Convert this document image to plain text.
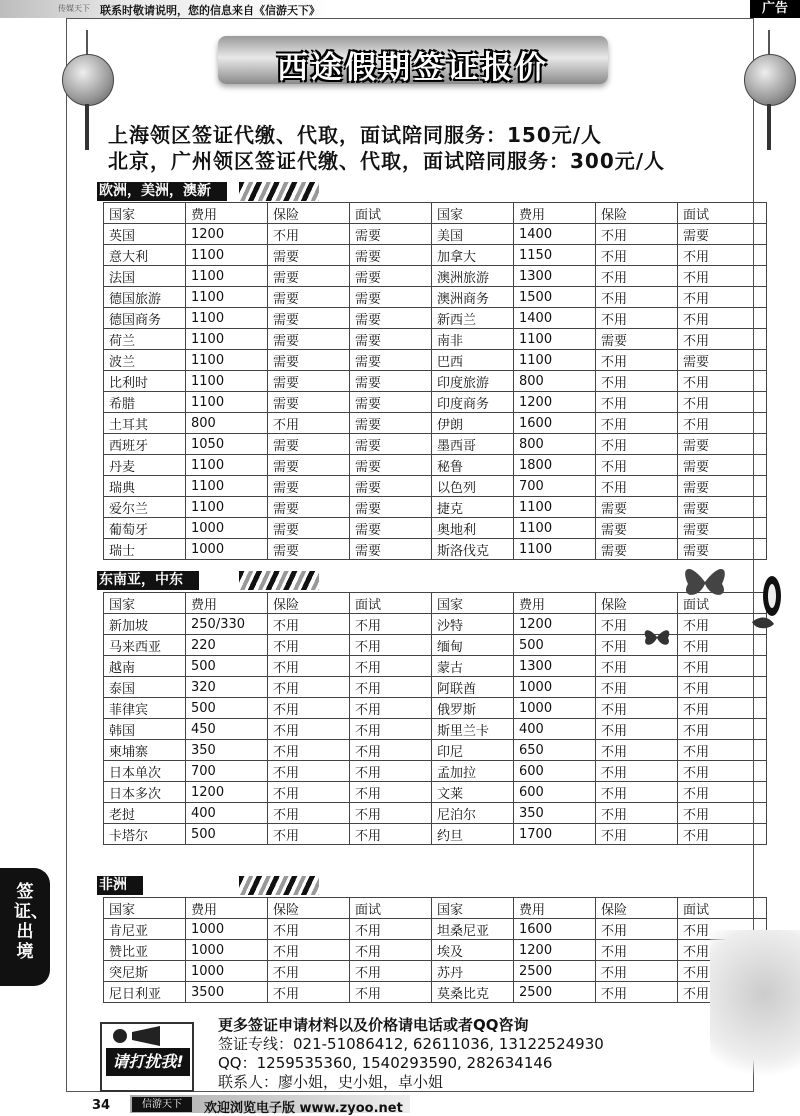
传媒天下 联系时敬请说明，您的信息来自《信游天下》	广告
西途假期签证报价
上海领区签证代缴、代取，面试陪同服务：150元/人
北京，广州领区签证代缴、代取，面试陪同服务：300元/人
欧洲，美洲，澳新
国家	费用	保险	面试	国家	费用	保险	面试
英国	1200	不用	需要	美国	1400	不用	需要
意大利	1100	需要	需要	加拿大	1150	不用	不用
法国	1100	需要	需要	澳洲旅游	1300	不用	不用
德国旅游	1100	需要	需要	澳洲商务	1500	不用	不用
德国商务	1100	需要	需要	新西兰	1400	不用	不用
荷兰	1100	需要	需要	南非	1100	需要	不用
波兰	1100	需要	需要	巴西	1100	不用	需要
比利时	1100	需要	需要	印度旅游	800	不用	不用
希腊	1100	需要	需要	印度商务	1200	不用	不用
土耳其	800	不用	需要	伊朗	1600	不用	不用
西班牙	1050	需要	需要	墨西哥	800	不用	需要
丹麦	1100	需要	需要	秘鲁	1800	不用	需要
瑞典	1100	需要	需要	以色列	700	不用	需要
爱尔兰	1100	需要	需要	捷克	1100	需要	需要
葡萄牙	1000	需要	需要	奥地利	1100	需要	需要
瑞士	1000	需要	需要	斯洛伐克	1100	需要	需要
东南亚，中东
国家	费用	保险	面试	国家	费用	保险	面试
新加坡	250/330	不用	不用	沙特	1200	不用	不用
马来西亚	220	不用	不用	缅甸	500	不用	不用
越南	500	不用	不用	蒙古	1300	不用	不用
泰国	320	不用	不用	阿联酋	1000	不用	不用
菲律宾	500	不用	不用	俄罗斯	1000	不用	不用
韩国	450	不用	不用	斯里兰卡	400	不用	不用
柬埔寨	350	不用	不用	印尼	650	不用	不用
日本单次	700	不用	不用	孟加拉	600	不用	不用
日本多次	1200	不用	不用	文莱	600	不用	不用
老挝	400	不用	不用	尼泊尔	350	不用	不用
卡塔尔	500	不用	不用	约旦	1700	不用	不用
非洲
国家	费用	保险	面试	国家	费用	保险	面试
肯尼亚	1000	不用	不用	坦桑尼亚	1600	不用	不用
赞比亚	1000	不用	不用	埃及	1200	不用	不用
突尼斯	1000	不用	不用	苏丹	2500	不用	不用
尼日利亚	3500	不用	不用	莫桑比克	2500	不用	不用
请打扰我!
更多签证申请材料以及价格请电话或者QQ咨询
签证专线：021-51086412, 62611036, 13122524930
QQ：1259535360, 1540293590, 282634146
联系人：廖小姐，史小姐，卓小姐
签证、出境
34	信游天下	欢迎浏览电子版 www.zyoo.net
